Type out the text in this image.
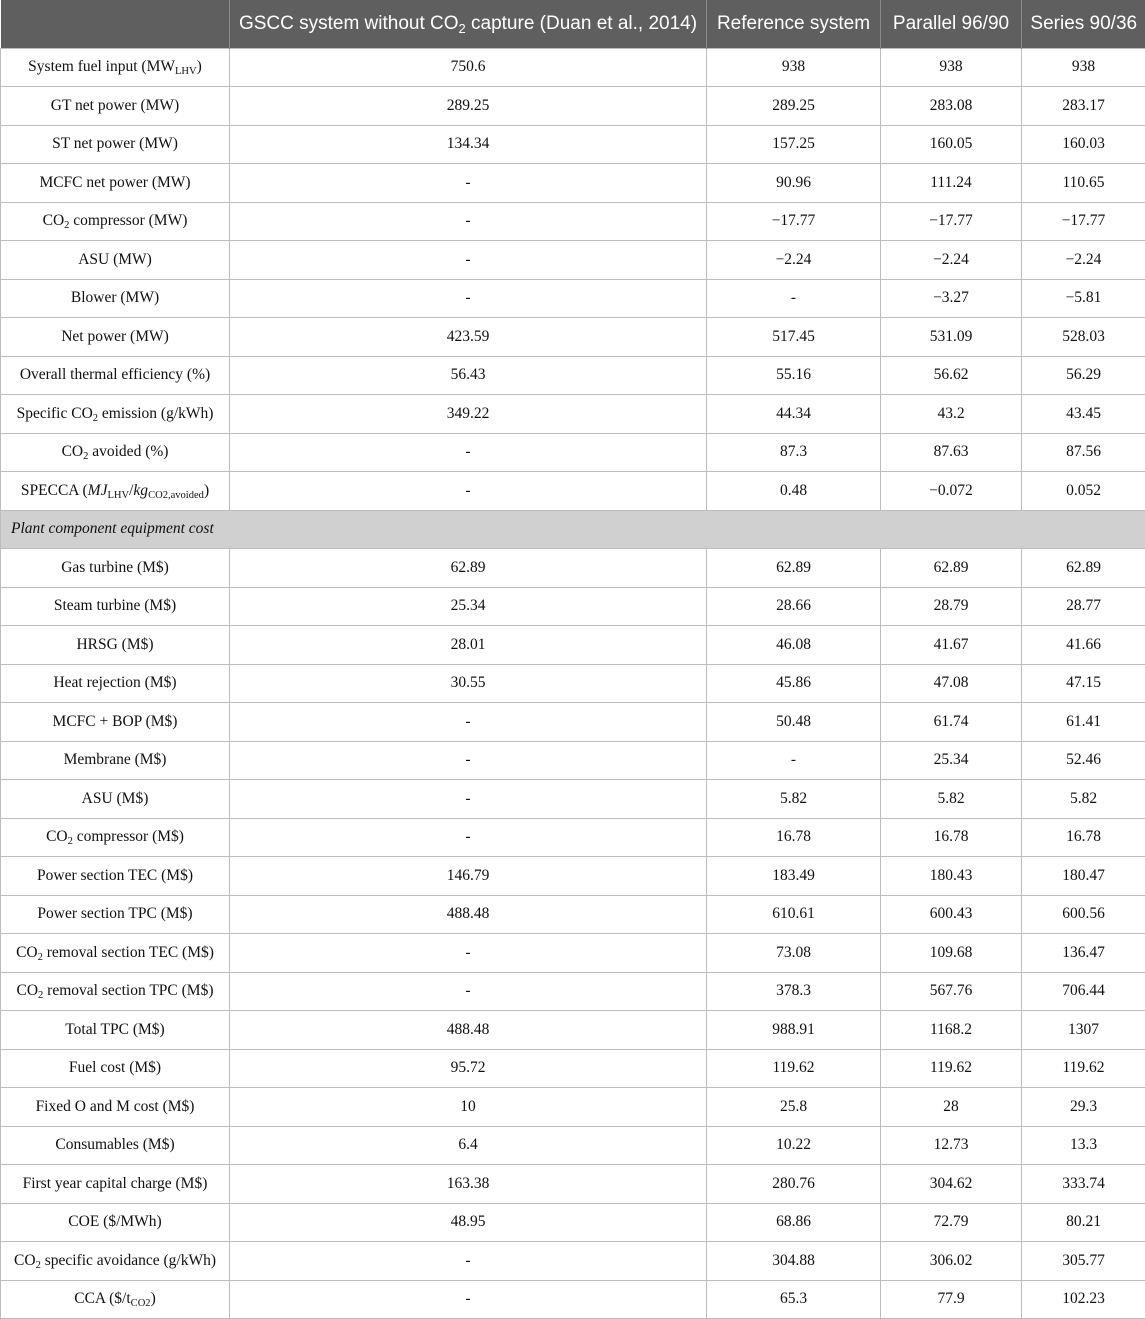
	GSCC system without $CO_2$ capture (Duan et al., 2014)	Reference system	Parallel 96/90	Series 90/36
System fuel input $(MW_{LHV})$	750.6	938	938	938
GT net power (MW)	289.25	289.25	283.08	283.17
ST net power (MW)	134.34	157.25	160.05	160.03
MCFC net power (MW)	-	90.96	111.24	110.65
$CO_2$ compressor (MW)	-	−17.77	−17.77	−17.77
ASU (MW)	-	−2.24	−2.24	−2.24
Blower (MW)	-	-	−3.27	−5.81
Net power (MW)	423.59	517.45	531.09	528.03
Overall thermal efficiency (%)	56.43	55.16	56.62	56.29
Specific $CO_2$ emission (g/kWh)	349.22	44.34	43.2	43.45
$CO_2$ avoided (%)	-	87.3	87.63	87.56
SPECCA $(MJ_{LHV}/kg_{CO2,avoided})$	-	0.48	−0.072	0.052
Plant component equipment cost				
Gas turbine (M$)	62.89	62.89	62.89	62.89
Steam turbine (M$)	25.34	28.66	28.79	28.77
HRSG (M$)	28.01	46.08	41.67	41.66
Heat rejection (M$)	30.55	45.86	47.08	47.15
MCFC + BOP (M$)	-	50.48	61.74	61.41
Membrane (M$)	-	-	25.34	52.46
ASU (M$)	-	5.82	5.82	5.82
$CO_2$ compressor (M$)	-	16.78	16.78	16.78
Power section TEC (M$)	146.79	183.49	180.43	180.47
Power section TPC (M$)	488.48	610.61	600.43	600.56
$CO_2$ removal section TEC (M$)	-	73.08	109.68	136.47
$CO_2$ removal section TPC (M$)	-	378.3	567.76	706.44
Total TPC (M$)	488.48	988.91	1168.2	1307
Fuel cost (M$)	95.72	119.62	119.62	119.62
Fixed O and M cost (M$)	10	25.8	28	29.3
Consumables (M$)	6.4	10.22	12.73	13.3
First year capital charge (M$)	163.38	280.76	304.62	333.74
COE ($/MWh)	48.95	68.86	72.79	80.21
$CO_2$ specific avoidance (g/kWh)	-	304.88	306.02	305.77
CCA $(\$/t_{CO2})$	-	65.3	77.9	102.23
